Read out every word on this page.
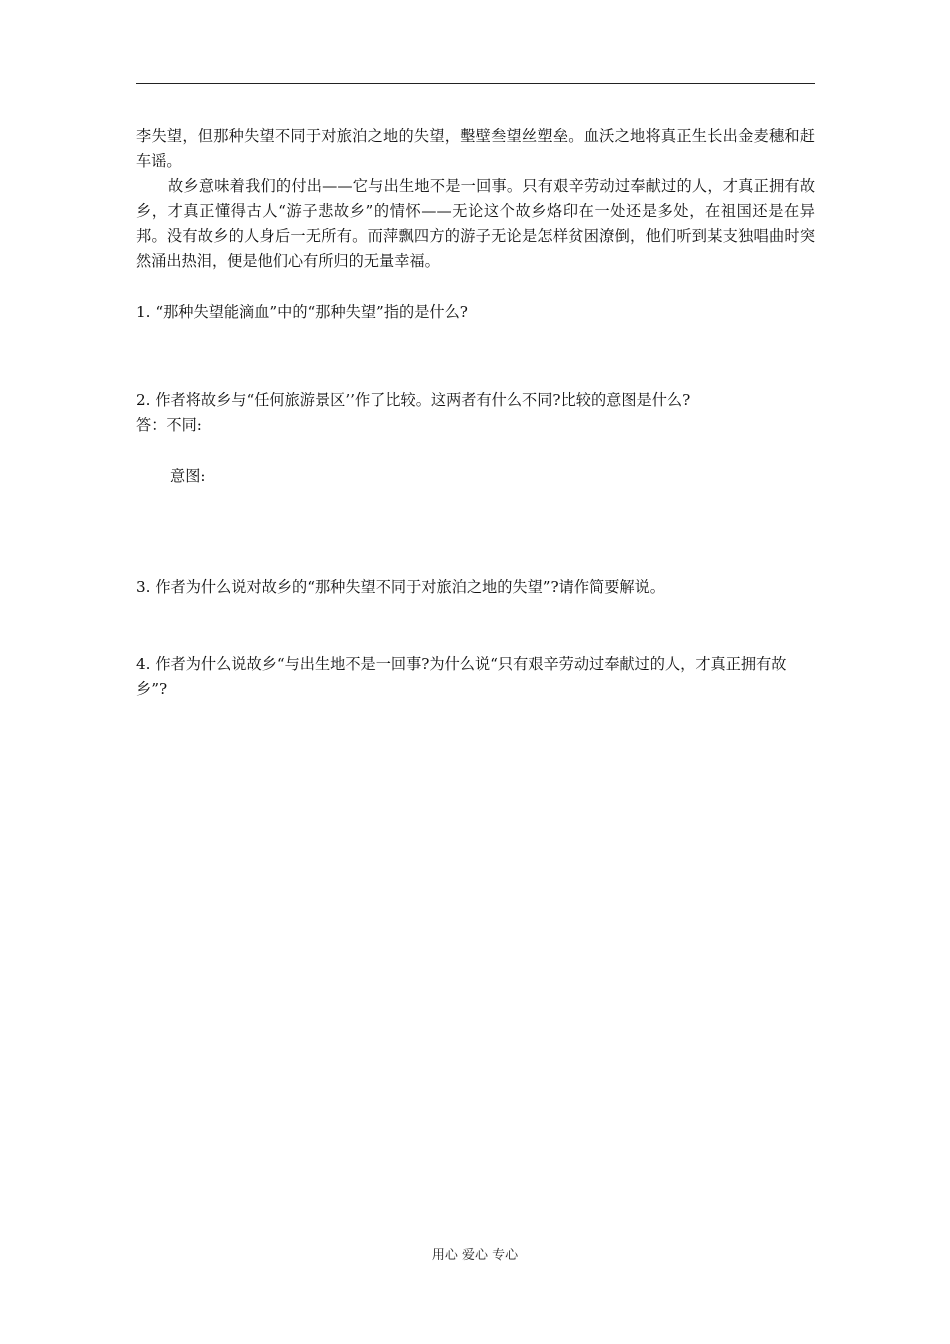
李失望，但那种失望不同于对旅泊之地的失望，墼壁叁望丝塑垒。血沃之地将真正生长出金麦穗和赶车谣。

故乡意味着我们的付出——它与出生地不是一回事。只有艰辛劳动过奉献过的人，才真正拥有故乡，才真正懂得古人“游子悲故乡”的情怀——无论这个故乡烙印在一处还是多处，在祖国还是在异邦。没有故乡的人身后一无所有。而萍飘四方的游子无论是怎样贫困潦倒，他们听到某支独唱曲时突然涌出热泪，便是他们心有所归的无量幸福。

1. “那种失望能滴血”中的“那种失望”指的是什么?

2. 作者将故乡与“任何旅游景区’’作了比较。这两者有什么不同?比较的意图是什么?

答：不同:

意图:

3. 作者为什么说对故乡的“那种失望不同于对旅泊之地的失望”?请作简要解说。

4. 作者为什么说故乡“与出生地不是一回事?为什么说“只有艰辛劳动过奉献过的人，才真正拥有故乡”?

用心 爱心 专心
